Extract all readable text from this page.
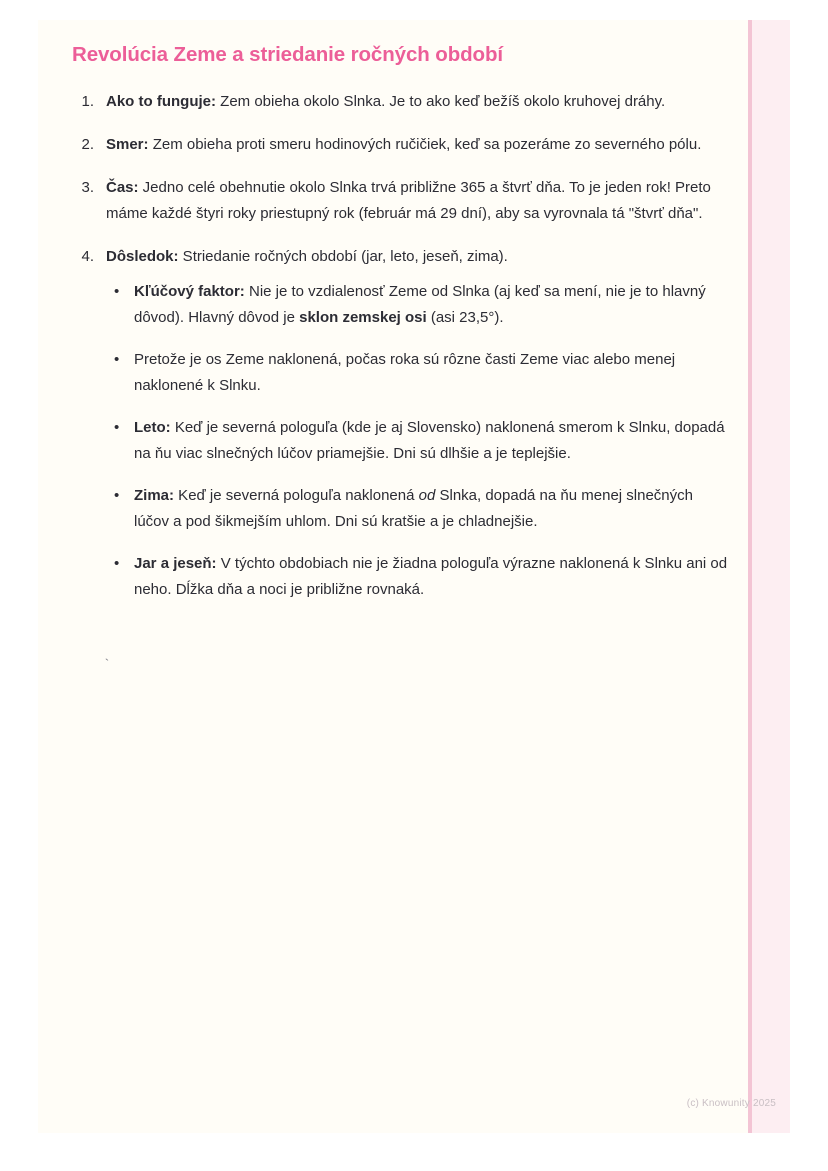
Revolúcia Zeme a striedanie ročných období
1. Ako to funguje: Zem obieha okolo Slnka. Je to ako keď bežíš okolo kruhovej dráhy.
2. Smer: Zem obieha proti smeru hodinových ručičiek, keď sa pozeráme zo severného pólu.
3. Čas: Jedno celé obehnutie okolo Slnka trvá približne 365 a štvrť dňa. To je jeden rok! Preto máme každé štyri roky priestupný rok (február má 29 dní), aby sa vyrovnala tá "štvrť dňa".
4. Dôsledok: Striedanie ročných období (jar, leto, jeseň, zima).
• Kľúčový faktor: Nie je to vzdialenosť Zeme od Slnka (aj keď sa mení, nie je to hlavný dôvod). Hlavný dôvod je sklon zemskej osi (asi 23,5°).
• Pretože je os Zeme naklonená, počas roka sú rôzne časti Zeme viac alebo menej naklonené k Slnku.
• Leto: Keď je severná pologuľa (kde je aj Slovensko) naklonená smerom k Slnku, dopadá na ňu viac slnečných lúčov priamejšie. Dni sú dlhšie a je teplejšie.
• Zima: Keď je severná pologuľa naklonená od Slnka, dopadá na ňu menej slnečných lúčov a pod šikmejším uhlom. Dni sú kratšie a je chladnejšie.
• Jar a jeseň: V týchto obdobiach nie je žiadna pologuľa výrazne naklonená k Slnku ani od neho. Dĺžka dňa a noci je približne rovnaká.
`
(c) Knowunity 2025
